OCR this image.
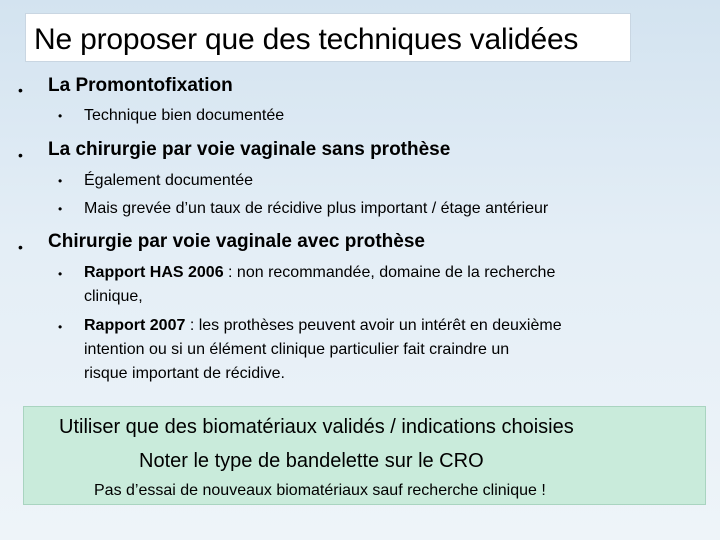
Ne proposer que des techniques validées
• La Promontofixation
• Technique bien documentée
• La chirurgie par voie vaginale sans prothèse
• Également documentée
• Mais grevée d’un taux de récidive plus important / étage antérieur
• Chirurgie par voie vaginale avec prothèse
• Rapport HAS 2006 : non recommandée, domaine de la recherche
clinique,
• Rapport 2007 : les prothèses peuvent avoir un intérêt en deuxième
intention ou si un élément clinique particulier fait craindre un
risque important de récidive.
Utiliser que des biomatériaux validés / indications choisies
Noter le type de bandelette sur le CRO
Pas d’essai de nouveaux biomatériaux sauf recherche clinique !
